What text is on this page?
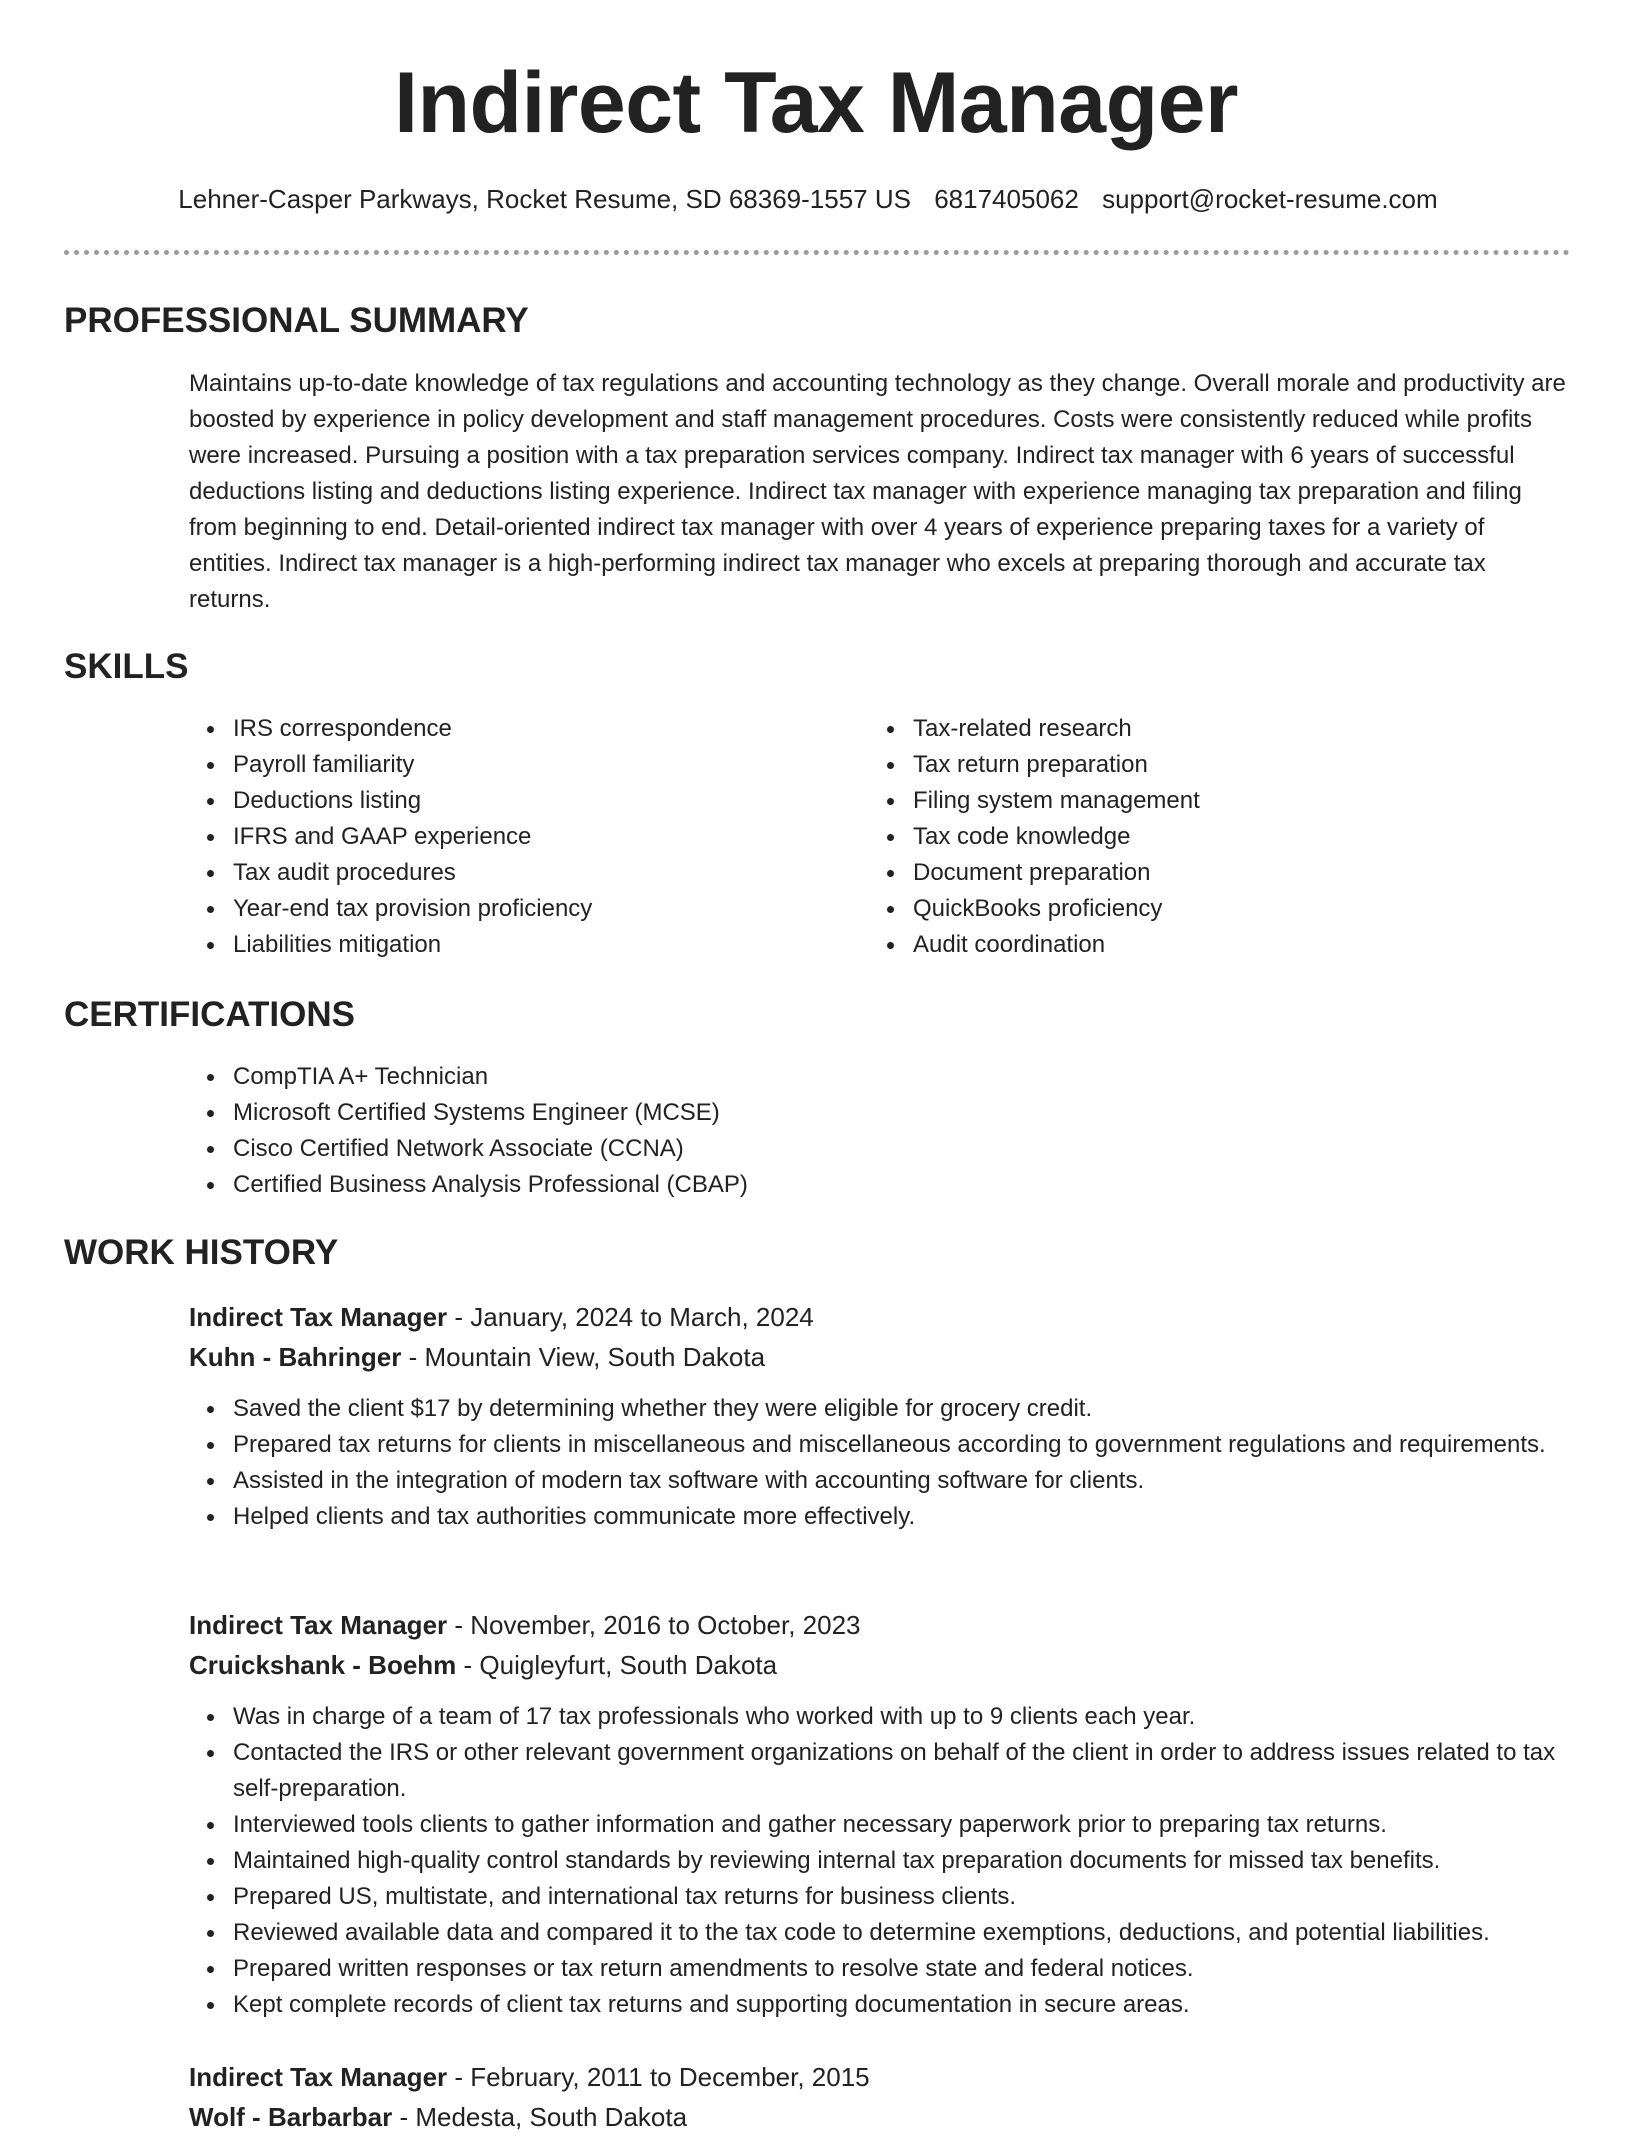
Indirect Tax Manager
Lehner-Casper Parkways, Rocket Resume, SD 68369-1557 US 6817405062 support@rocket-resume.com
PROFESSIONAL SUMMARY
Maintains up-to-date knowledge of tax regulations and accounting technology as they change. Overall morale and productivity are boosted by experience in policy development and staff management procedures. Costs were consistently reduced while profits were increased. Pursuing a position with a tax preparation services company. Indirect tax manager with 6 years of successful deductions listing and deductions listing experience. Indirect tax manager with experience managing tax preparation and filing from beginning to end. Detail-oriented indirect tax manager with over 4 years of experience preparing taxes for a variety of entities. Indirect tax manager is a high-performing indirect tax manager who excels at preparing thorough and accurate tax returns.
SKILLS
IRS correspondence
Payroll familiarity
Deductions listing
IFRS and GAAP experience
Tax audit procedures
Year-end tax provision proficiency
Liabilities mitigation
Tax-related research
Tax return preparation
Filing system management
Tax code knowledge
Document preparation
QuickBooks proficiency
Audit coordination
CERTIFICATIONS
CompTIA A+ Technician
Microsoft Certified Systems Engineer (MCSE)
Cisco Certified Network Associate (CCNA)
Certified Business Analysis Professional (CBAP)
WORK HISTORY
Indirect Tax Manager - January, 2024 to March, 2024
Kuhn - Bahringer - Mountain View, South Dakota
Saved the client $17 by determining whether they were eligible for grocery credit.
Prepared tax returns for clients in miscellaneous and miscellaneous according to government regulations and requirements.
Assisted in the integration of modern tax software with accounting software for clients.
Helped clients and tax authorities communicate more effectively.
Indirect Tax Manager - November, 2016 to October, 2023
Cruickshank - Boehm - Quigleyfurt, South Dakota
Was in charge of a team of 17 tax professionals who worked with up to 9 clients each year.
Contacted the IRS or other relevant government organizations on behalf of the client in order to address issues related to tax self-preparation.
Interviewed tools clients to gather information and gather necessary paperwork prior to preparing tax returns.
Maintained high-quality control standards by reviewing internal tax preparation documents for missed tax benefits.
Prepared US, multistate, and international tax returns for business clients.
Reviewed available data and compared it to the tax code to determine exemptions, deductions, and potential liabilities.
Prepared written responses or tax return amendments to resolve state and federal notices.
Kept complete records of client tax returns and supporting documentation in secure areas.
Indirect Tax Manager - February, 2011 to December, 2015
Wolf - Barbarbar - Medesta, South Dakota
